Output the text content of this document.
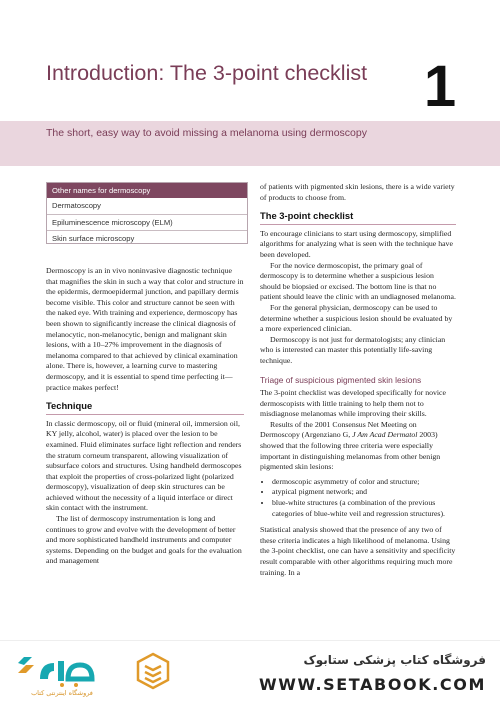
Introduction: The 3-point checklist 1
The short, easy way to avoid missing a melanoma using dermoscopy
Other names for dermoscopy
Dermatoscopy
Epiluminescence microscopy (ELM)
Skin surface microscopy

Dermoscopy is an in vivo noninvasive diagnostic technique that magnifies the skin in such a way that color and structure in the epidermis, dermoepidermal junction, and papillary dermis become visible. This color and structure cannot be seen with the naked eye. With training and experience, dermoscopy has been shown to significantly increase the clinical diagnosis of melanocytic, non-melanocytic, benign and malignant skin lesions, with a 10–27% improvement in the diagnosis of melanoma compared to that achieved by clinical examination alone. There is, however, a learning curve to mastering dermoscopy, and it is essential to spend time perfecting it—practice makes perfect!

Technique

In classic dermoscopy, oil or fluid (mineral oil, immersion oil, KY jelly, alcohol, water) is placed over the lesion to be examined. Fluid eliminates surface light reflection and renders the stratum corneum transparent, allowing visualization of subsurface colors and structures. Using handheld dermoscopes that exploit the properties of cross-polarized light (polarized dermoscopy), visualization of deep skin structures can be achieved without the necessity of a liquid interface or direct skin contact with the instrument.

The list of dermoscopy instrumentation is long and continues to grow and evolve with the development of better and more sophisticated handheld instruments and computer systems. Depending on the budget and goals for the evaluation and management

of patients with pigmented skin lesions, there is a wide variety of products to choose from.

The 3-point checklist

To encourage clinicians to start using dermoscopy, simplified algorithms for analyzing what is seen with the technique have been developed.

For the novice dermoscopist, the primary goal of dermoscopy is to determine whether a suspicious lesion should be biopsied or excised. The bottom line is that no patient should leave the clinic with an undiagnosed melanoma.

For the general physician, dermoscopy can be used to determine whether a suspicious lesion should be evaluated by a more experienced clinician.

Dermoscopy is not just for dermatologists; any clinician who is interested can master this potentially life-saving technique.

Triage of suspicious pigmented skin lesions

The 3-point checklist was developed specifically for novice dermoscopists with little training to help them not to misdiagnose melanomas while improving their skills.

Results of the 2001 Consensus Net Meeting on Dermoscopy (Argenziano G, J Am Acad Dermatol 2003) showed that the following three criteria were especially important in distinguishing melanomas from other benign pigmented skin lesions:

• dermoscopic asymmetry of color and structure;
• atypical pigment network; and
• blue-white structures (a combination of the previous categories of blue-white veil and regression structures).

Statistical analysis showed that the presence of any two of these criteria indicates a high likelihood of melanoma. Using the 3-point checklist, one can have a sensitivity and specificity result comparable with other algorithms requiring much more training. In a

فروشگاه اینترنتی کتاب
فروشگاه کتاب پزشکی ستابوک
WWW.SETABOOK.COM
